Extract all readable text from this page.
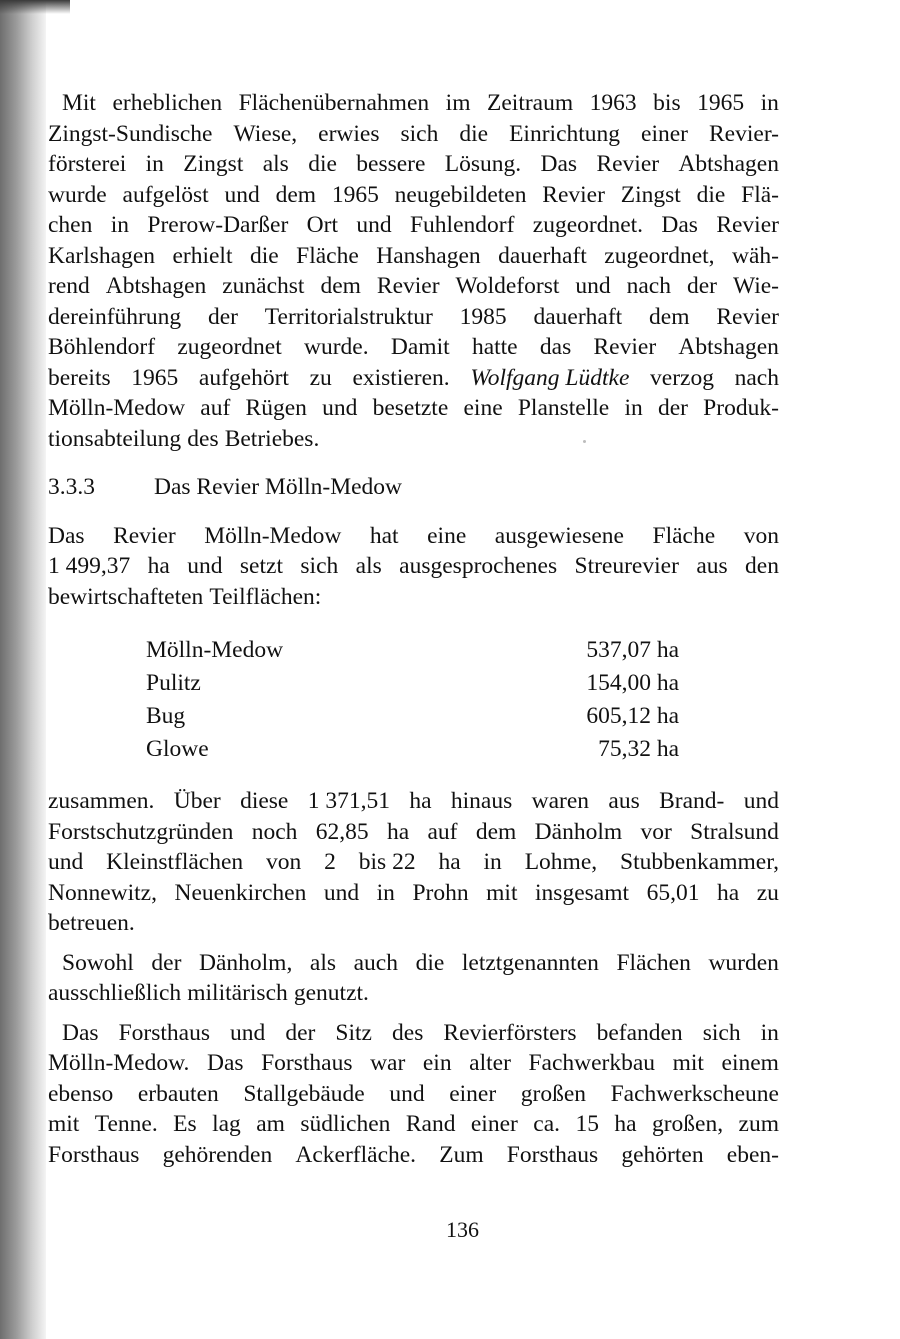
Mit erheblichen Flächenübernahmen im Zeitraum 1963 bis 1965 in
Zingst-Sundische Wiese, erwies sich die Einrichtung einer Revier-
försterei in Zingst als die bessere Lösung. Das Revier Abtshagen
wurde aufgelöst und dem 1965 neugebildeten Revier Zingst die Flä-
chen in Prerow-Darßer Ort und Fuhlendorf zugeordnet. Das Revier
Karlshagen erhielt die Fläche Hanshagen dauerhaft zugeordnet, wäh-
rend Abtshagen zunächst dem Revier Woldeforst und nach der Wie-
dereinführung der Territorialstruktur 1985 dauerhaft dem Revier
Böhlendorf zugeordnet wurde. Damit hatte das Revier Abtshagen
bereits 1965 aufgehört zu existieren. Wolfgang Lüdtke verzog nach
Mölln-Medow auf Rügen und besetzte eine Planstelle in der Produk-
tionsabteilung des Betriebes.
3.3.3	Das Revier Mölln-Medow
Das Revier Mölln-Medow hat eine ausgewiesene Fläche von
1 499,37 ha und setzt sich als ausgesprochenes Streurevier aus den
bewirtschafteten Teilflächen:
Mölln-Medow	537,07 ha
Pulitz	154,00 ha
Bug	605,12 ha
Glowe	75,32 ha
zusammen. Über diese 1 371,51 ha hinaus waren aus Brand- und
Forstschutzgründen noch 62,85 ha auf dem Dänholm vor Stralsund
und Kleinstflächen von 2 bis 22 ha in Lohme, Stubbenkammer,
Nonnewitz, Neuenkirchen und in Prohn mit insgesamt 65,01 ha zu
betreuen.
Sowohl der Dänholm, als auch die letztgenannten Flächen wurden
ausschließlich militärisch genutzt.
Das Forsthaus und der Sitz des Revierförsters befanden sich in
Mölln-Medow. Das Forsthaus war ein alter Fachwerkbau mit einem
ebenso erbauten Stallgebäude und einer großen Fachwerkscheune
mit Tenne. Es lag am südlichen Rand einer ca. 15 ha großen, zum
Forsthaus gehörenden Ackerfläche. Zum Forsthaus gehörten eben-
136
